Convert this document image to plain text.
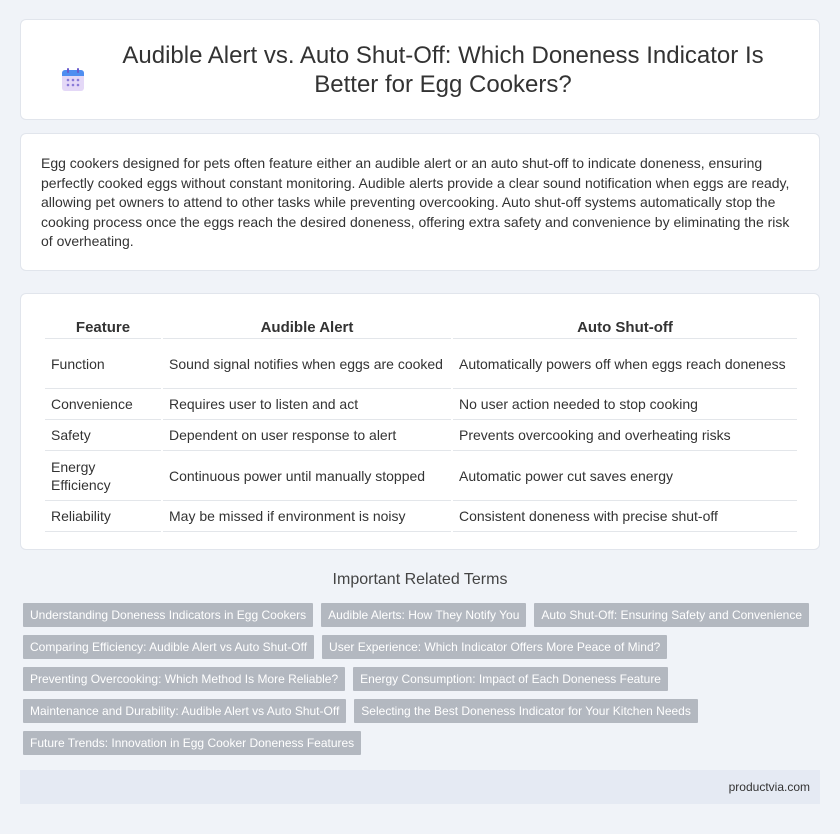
Audible Alert vs. Auto Shut-Off: Which Doneness Indicator Is Better for Egg Cookers?

Egg cookers designed for pets often feature either an audible alert or an auto shut-off to indicate doneness, ensuring perfectly cooked eggs without constant monitoring. Audible alerts provide a clear sound notification when eggs are ready, allowing pet owners to attend to other tasks while preventing overcooking. Auto shut-off systems automatically stop the cooking process once the eggs reach the desired doneness, offering extra safety and convenience by eliminating the risk of overheating.

Feature	Audible Alert	Auto Shut-off
Function	Sound signal notifies when eggs are cooked	Automatically powers off when eggs reach doneness
Convenience	Requires user to listen and act	No user action needed to stop cooking
Safety	Dependent on user response to alert	Prevents overcooking and overheating risks
Energy Efficiency	Continuous power until manually stopped	Automatic power cut saves energy
Reliability	May be missed if environment is noisy	Consistent doneness with precise shut-off
Important Related Terms
Understanding Doneness Indicators in Egg Cookers	Audible Alerts: How They Notify You	Auto Shut-Off: Ensuring Safety and Convenience
Comparing Efficiency: Audible Alert vs Auto Shut-Off	User Experience: Which Indicator Offers More Peace of Mind?
Preventing Overcooking: Which Method Is More Reliable?	Energy Consumption: Impact of Each Doneness Feature
Maintenance and Durability: Audible Alert vs Auto Shut-Off	Selecting the Best Doneness Indicator for Your Kitchen Needs
Future Trends: Innovation in Egg Cooker Doneness Features
productvia.com
